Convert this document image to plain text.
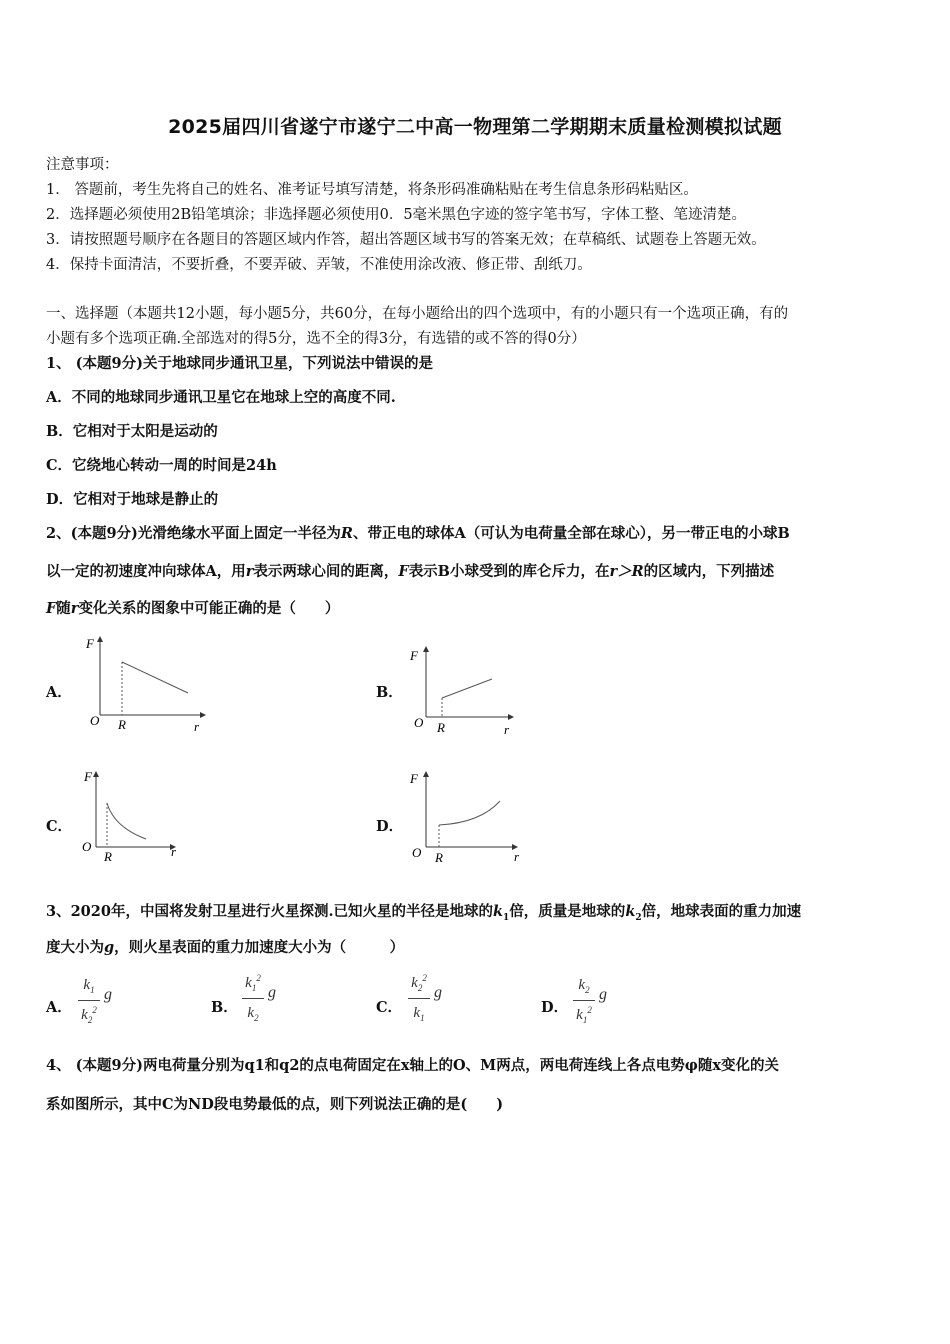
2025届四川省遂宁市遂宁二中高一物理第二学期期末质量检测模拟试题
注意事项：
1． 答题前，考生先将自己的姓名、准考证号填写清楚，将条形码准确粘贴在考生信息条形码粘贴区。
2．选择题必须使用2B铅笔填涂；非选择题必须使用0．5毫米黑色字迹的签字笔书写，字体工整、笔迹清楚。
3．请按照题号顺序在各题目的答题区域内作答，超出答题区域书写的答案无效；在草稿纸、试题卷上答题无效。
4．保持卡面清洁，不要折叠，不要弄破、弄皱，不准使用涂改液、修正带、刮纸刀。
一、选择题（本题共12小题，每小题5分，共60分，在每小题给出的四个选项中，有的小题只有一个选项正确，有的
小题有多个选项正确.全部选对的得5分，选不全的得3分，有选错的或不答的得0分）
1、 (本题9分)关于地球同步通讯卫星，下列说法中错误的是
A．不同的地球同步通讯卫星它在地球上空的高度不同.
B．它相对于太阳是运动的
C．它绕地心转动一周的时间是24h
D．它相对于地球是静止的
2、(本题9分)光滑绝缘水平面上固定一半径为R、带正电的球体A（可认为电荷量全部在球心），另一带正电的小球B
以一定的初速度冲向球体A，用r表示两球心间的距离，F表示B小球受到的库仑斥力，在r＞R的区域内，下列描述
F随r变化关系的图象中可能正确的是（　　）
A．
F
O R	r
B．
F
O R	r
C．
F
O
R	r
D．
F
O R	r
3、2020年，中国将发射卫星进行火星探测.已知火星的半径是地球的$k_1$倍，质量是地球的$k_2$倍，地球表面的重力加速
度大小为g，则火星表面的重力加速度大小为（　　　）
A．
$k_1$
$k_2^2$
g
B．
$k_1^2$
$k_2$
g
C．
$k_2^2$
$k_1$
g
D．
$k_2$
$k_1^2$
g
4、 (本题9分)两电荷量分别为q1和q2的点电荷固定在x轴上的O、M两点，两电荷连线上各点电势φ随x变化的关
系如图所示，其中C为ND段电势最低的点，则下列说法正确的是(　　)
